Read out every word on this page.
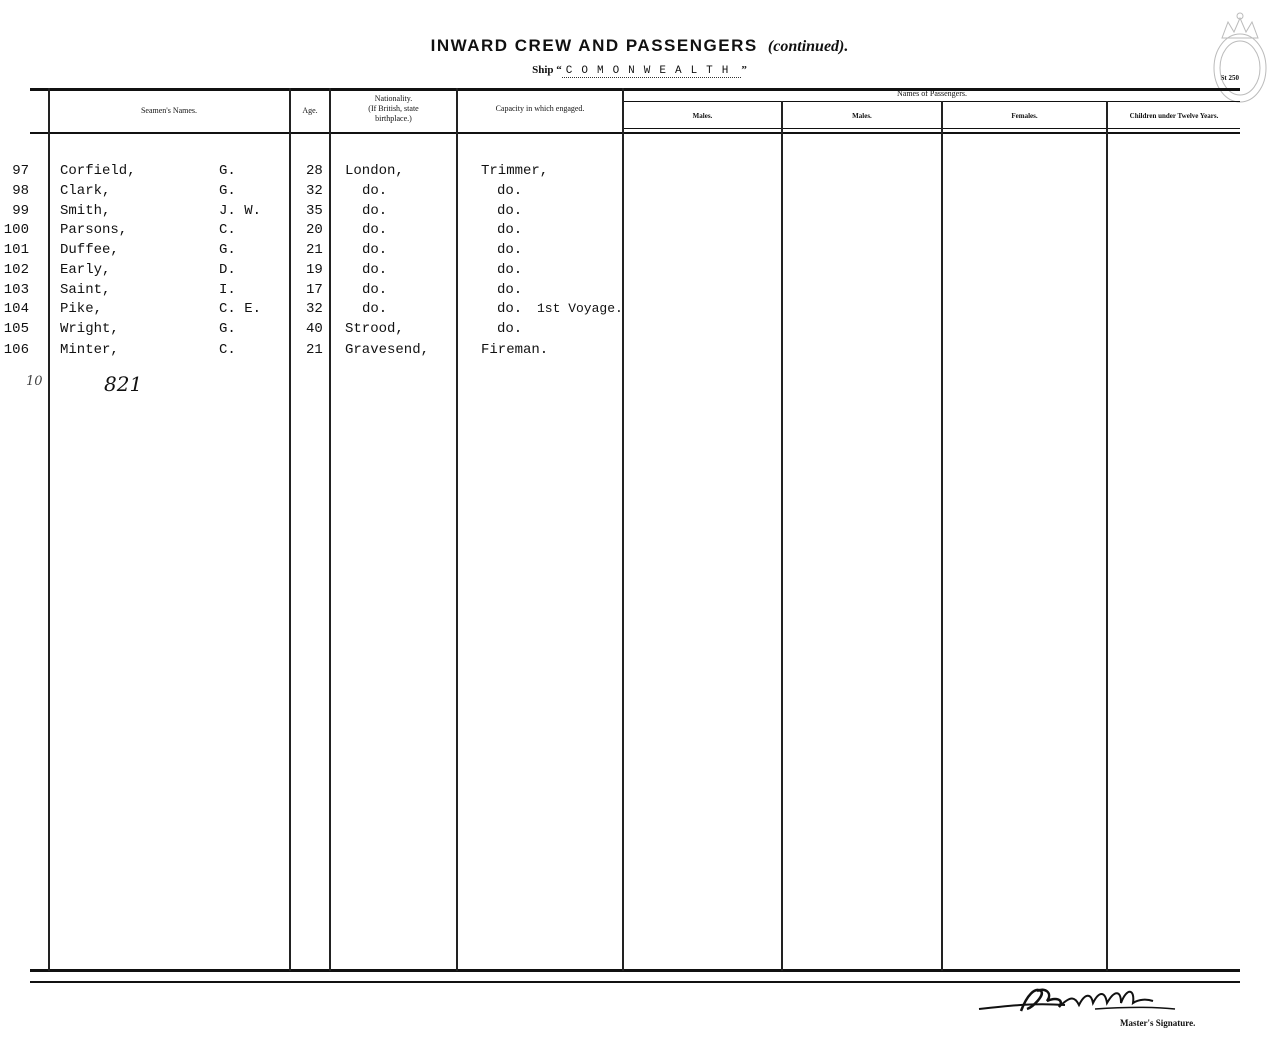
INWARD CREW AND PASSENGERS (continued).
Ship “ COMONWEALTH ”
St 250
Seamen's Names.	Age.
Nationality.
(If British, state
birthplace.)
Capacity in which engaged.
Names of Passengers.
Males.	Males.	Females.	Children under Twelve Years.
97 Corfield,	G.	28 London,	Trimmer,
98 Clark,	G.	32	do.	do.
99 Smith,	J. W.	35	do.	do.
100 Parsons,	C.	20	do.	do.
101 Duffee,	G.	21	do.	do.
102 Early,	D.	19	do.	do.
103 Saint,	I.	17	do.	do.
104 Pike,	C. E.	32	do.	do. 1st Voyage.
105 Wright,	G.	40 Strood,	do.
106 Minter,	C.	21 Gravesend,	Fireman.
10	821
Master's Signature.
